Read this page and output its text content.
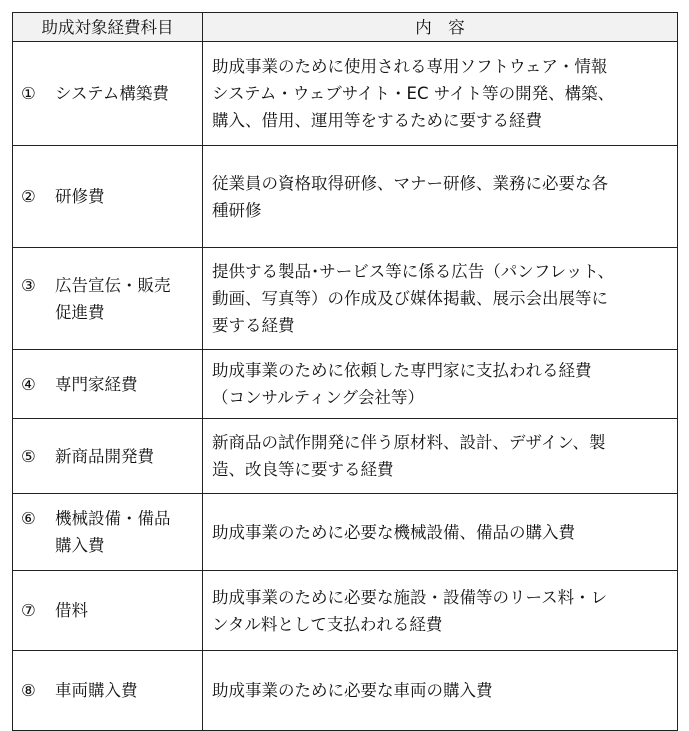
助成対象経費科目	内　容

① システム構築費	助成事業のために使用される専用ソフトウェア・情報
システム・ウェブサイト・EC サイト等の開発、構築、
購入、借用、運用等をするために要する経費

② 研修費	従業員の資格取得研修、マナー研修、業務に必要な各
種研修

③ 広告宣伝・販売
促進費	提供する製品･サービス等に係る広告（パンフレット、
動画、写真等）の作成及び媒体掲載、展示会出展等に
要する経費

④ 専門家経費	助成事業のために依頼した専門家に支払われる経費
（コンサルティング会社等）

⑤ 新商品開発費	新商品の試作開発に伴う原材料、設計、デザイン、製
造、改良等に要する経費

⑥ 機械設備・備品
購入費	助成事業のために必要な機械設備、備品の購入費

⑦ 借料	助成事業のために必要な施設・設備等のリース料・レ
ンタル料として支払われる経費

⑧ 車両購入費	助成事業のために必要な車両の購入費
